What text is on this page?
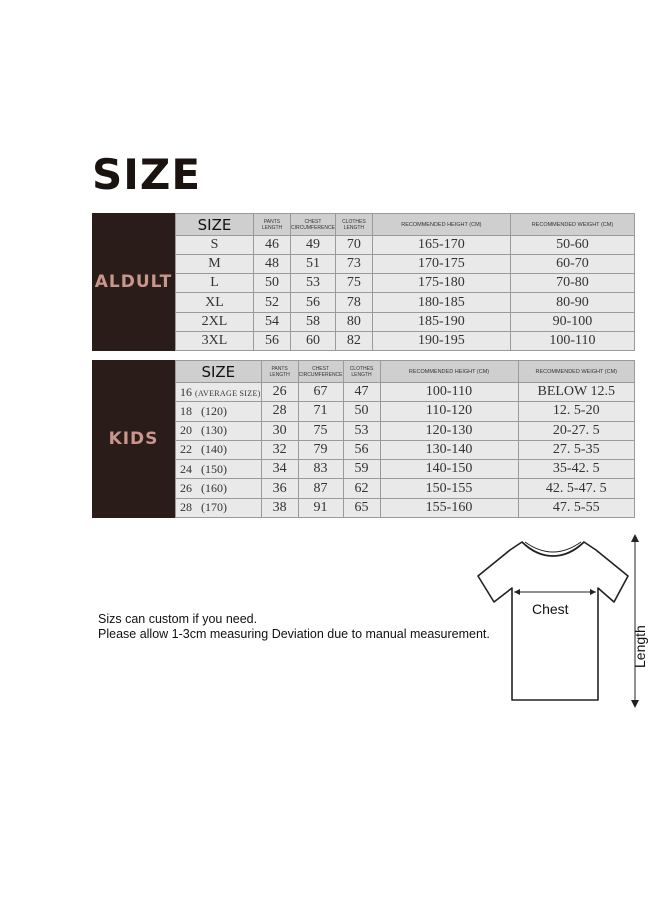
SIZE
ALDULT
SIZE	PANTS LENGTH	CHEST CIRCUMFERENCE	CLOTHES LENGTH	RECOMMENDED HEIGHT (CM)	RECOMMENDED WEIGHT (CM)
S	46	49	70	165-170	50-60
M	48	51	73	170-175	60-70
L	50	53	75	175-180	70-80
XL	52	56	78	180-185	80-90
2XL	54	58	80	185-190	90-100
3XL	56	60	82	190-195	100-110
KIDS
SIZE	PANTS LENGTH	CHEST CIRCUMFERENCE	CLOTHES LENGTH	RECOMMENDED HEIGHT (CM)	RECOMMENDED WEIGHT (CM)
16 (AVERAGE SIZE)	26	67	47	100-110	BELOW 12.5
18 (120)	28	71	50	110-120	12. 5-20
20 (130)	30	75	53	120-130	20-27. 5
22 (140)	32	79	56	130-140	27. 5-35
24 (150)	34	83	59	140-150	35-42. 5
26 (160)	36	87	62	150-155	42. 5-47. 5
28 (170)	38	91	65	155-160	47. 5-55
Sizs can custom if you need.
Please allow 1-3cm measuring Deviation due to manual measurement.
Chest
Length
